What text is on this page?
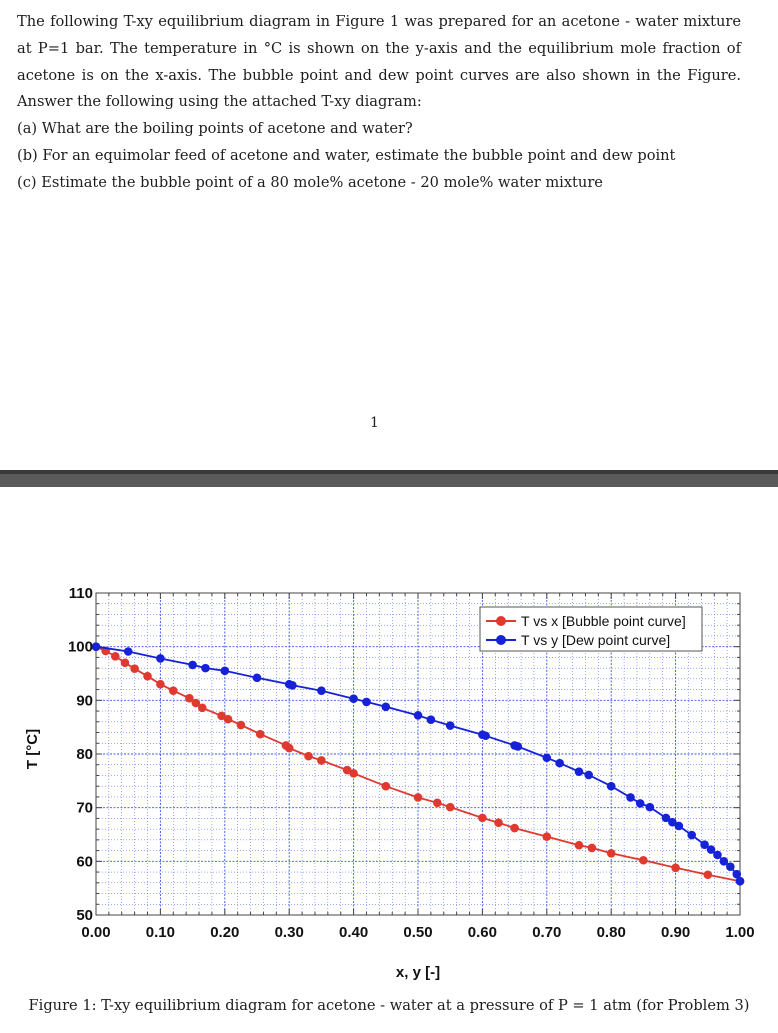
The following T-xy equilibrium diagram in Figure 1 was prepared for an acetone - water mixture at P=1 bar. The temperature in °C is shown on the y-axis and the equilibrium mole fraction of acetone is on the x-axis. The bubble point and dew point curves are also shown in the Figure. Answer the following using the attached T-xy diagram:

(a) What are the boiling points of acetone and water?

(b) For an equimolar feed of acetone and water, estimate the bubble point and dew point

(c) Estimate the bubble point of a 80 mole% acetone - 20 mole% water mixture

1
0.00 0.10 0.20 0.30 0.40 0.50 0.60 0.70 0.80 0.90 1.00
50
60
70
80
90
100
110
x, y [-]
T [°C]
T vs x [Bubble point curve]
T vs y [Dew point curve]
Figure 1: T-xy equilibrium diagram for acetone - water at a pressure of P = 1 atm (for Problem 3)
